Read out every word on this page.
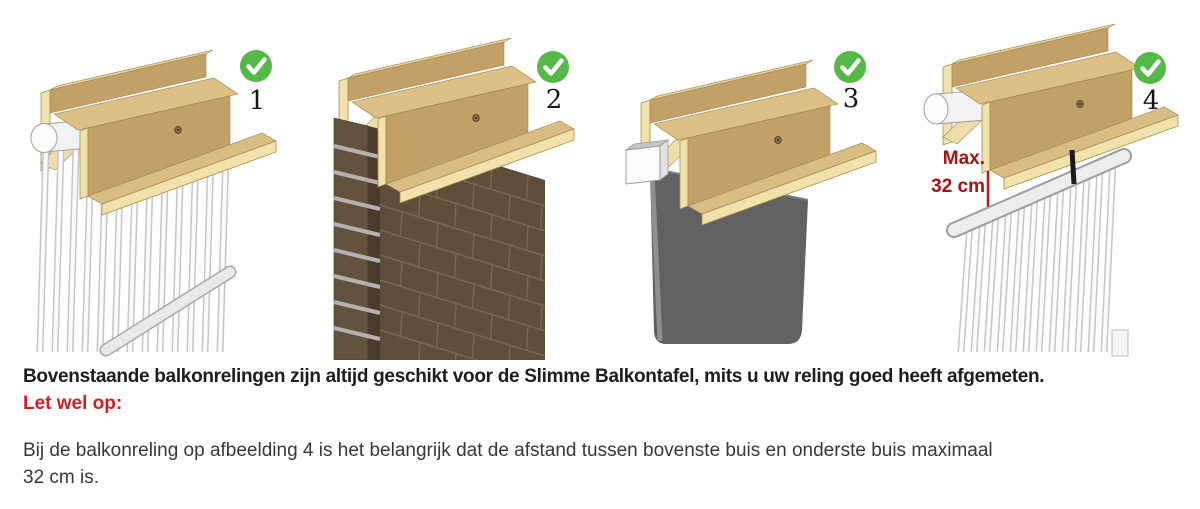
1	2	3
Max.
32 cm
4
Bovenstaande balkonrelingen zijn altijd geschikt voor de Slimme Balkontafel, mits u uw reling goed heeft afgemeten.
Let wel op:
Bij de balkonreling op afbeelding 4 is het belangrijk dat de afstand tussen bovenste buis en onderste buis maximaal
32 cm is.
